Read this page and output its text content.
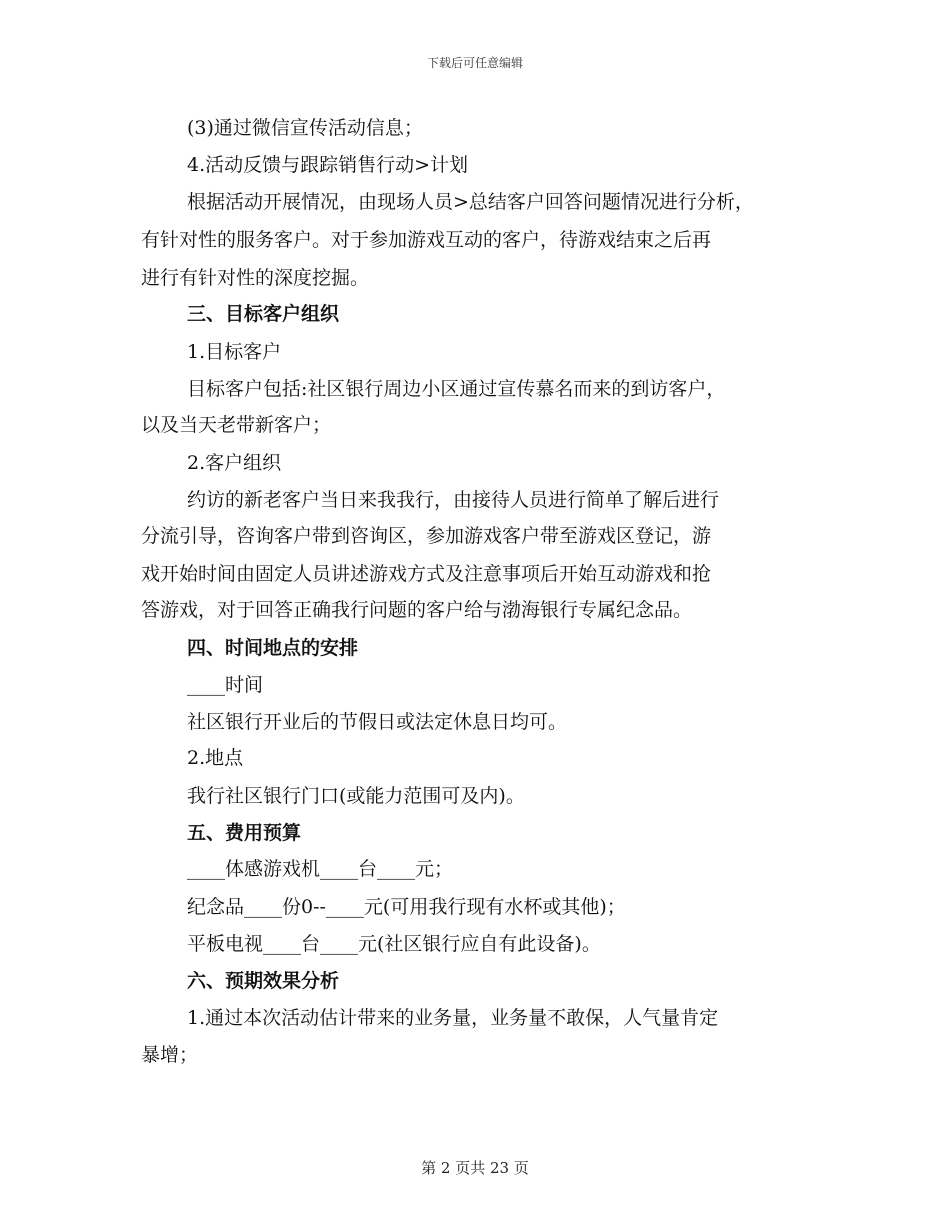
下载后可任意编辑
(3)通过微信宣传活动信息；
4.活动反馈与跟踪销售行动>计划
根据活动开展情况，由现场人员>总结客户回答问题情况进行分析，
有针对性的服务客户。对于参加游戏互动的客户，待游戏结束之后再
进行有针对性的深度挖掘。
三、目标客户组织
1.目标客户
目标客户包括:社区银行周边小区通过宣传慕名而来的到访客户，
以及当天老带新客户；
2.客户组织
约访的新老客户当日来我我行，由接待人员进行简单了解后进行
分流引导，咨询客户带到咨询区，参加游戏客户带至游戏区登记，游
戏开始时间由固定人员讲述游戏方式及注意事项后开始互动游戏和抢
答游戏，对于回答正确我行问题的客户给与渤海银行专属纪念品。
四、时间地点的安排
____时间
社区银行开业后的节假日或法定休息日均可。
2.地点
我行社区银行门口(或能力范围可及内)。
五、费用预算
____体感游戏机____台____元；
纪念品____份0--____元(可用我行现有水杯或其他)；
平板电视____台____元(社区银行应自有此设备)。
六、预期效果分析
1.通过本次活动估计带来的业务量，业务量不敢保，人气量肯定
暴增；
第 2 页共 23 页
